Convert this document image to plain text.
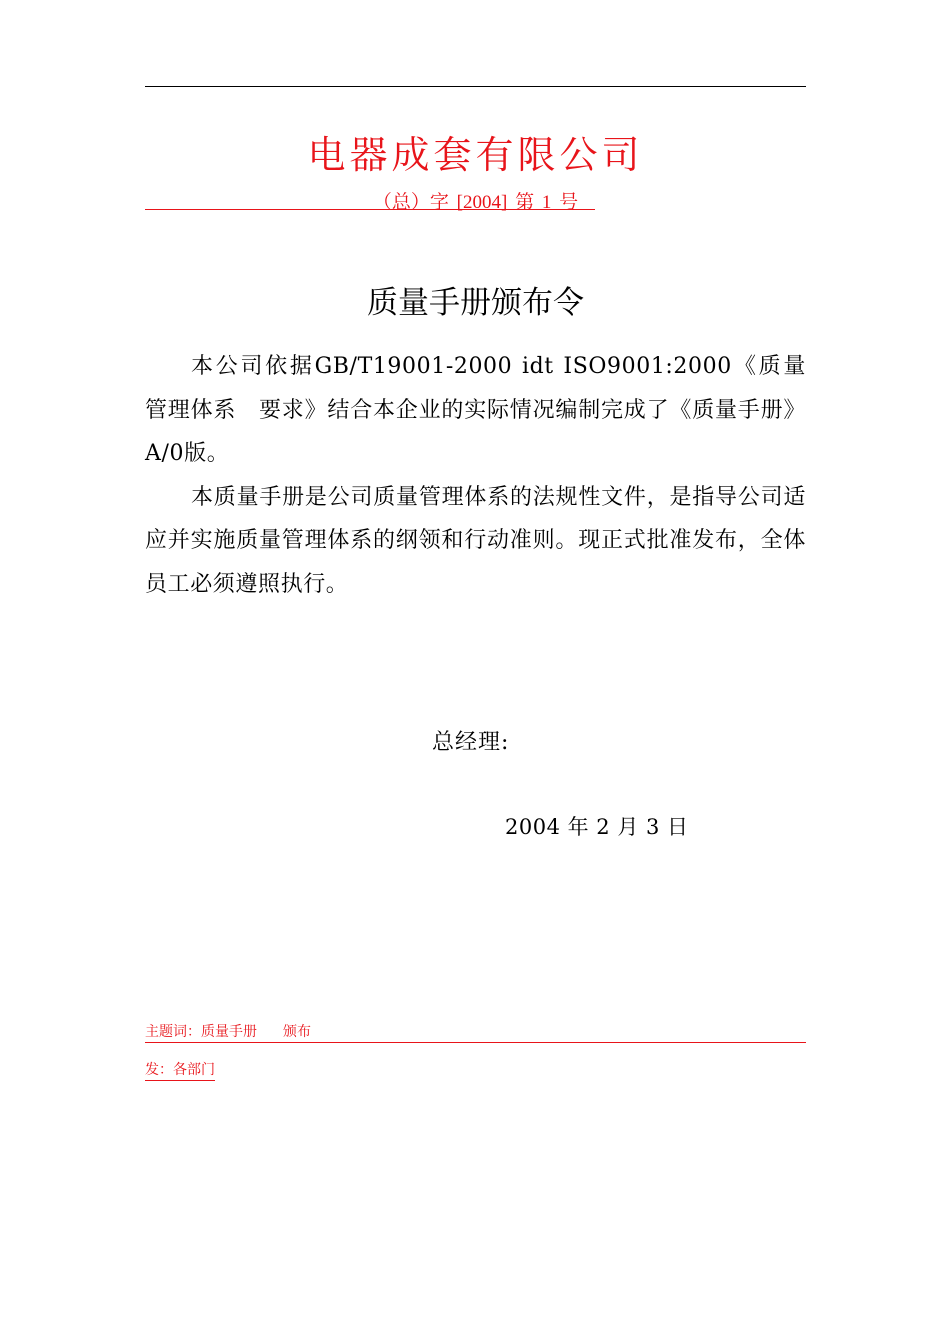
电器成套有限公司
（总）字 [2004] 第 1 号
质量手册颁布令

本公司依据GB/T19001-2000 idt ISO9001:2000《质量管理体系　要求》结合本企业的实际情况编制完成了《质量手册》A/0版。

本质量手册是公司质量管理体系的法规性文件，是指导公司适应并实施质量管理体系的纲领和行动准则。现正式批准发布，全体员工必须遵照执行。

总经理:
2004 年 2 月 3 日
主题词：质量手册 颁布
发：各部门
